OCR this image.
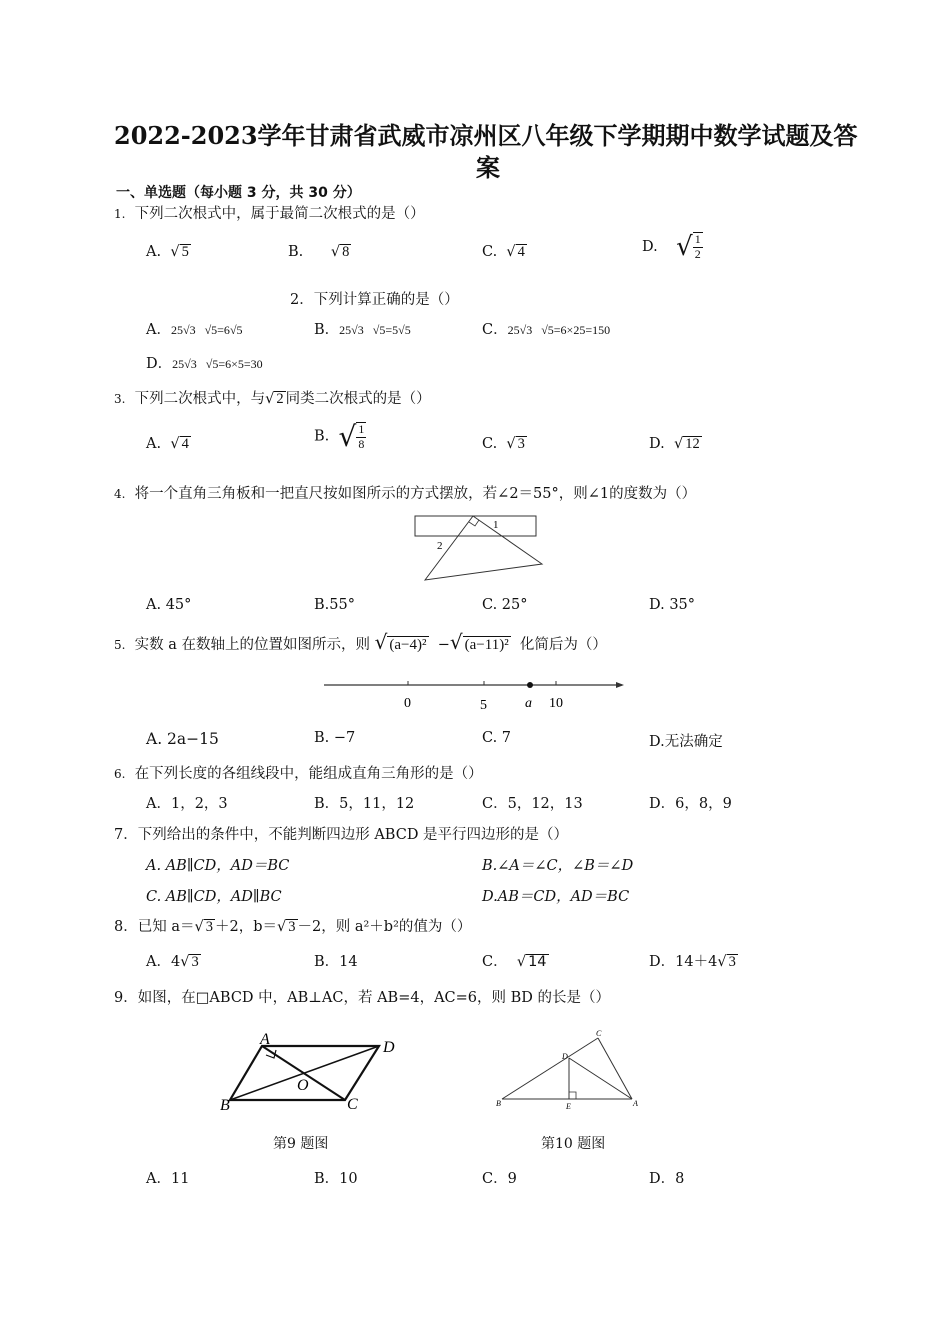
2022-2023学年甘肃省武威市凉州区八年级下学期期中数学试题及答
案
一、单选题（每小题 3 分，共 30 分）
1. 下列二次根式中，属于最简二次根式的是（）
A. √ 5	B. √ 8	C. √ 4	D. √ $\frac{1}{2}$
2．下列计算正确的是（）
A．25√3   √5=6√5	B．25√3   √5=5√5	C．25√3   √5=6×25=150
D．25√3   √5=6×5=30
3. 下列二次根式中，与√ 2 同类二次根式的是（）
A. √ 4	B. √ $\frac{1}{8}$	C. √ 3	D. √ 12
4. 将一个直角三角板和一把直尺按如图所示的方式摆放，若∠2＝55°，则∠1的度数为（）
1
2
A. 45°	B.55°	C. 25°	D. 35°
5. 实数 a 在数轴上的位置如图所示，则 √ (a−4)²  −√ (a−11)² 化简后为（）
0	5	a 10
A. 2a−15	B. −7	C. 7	D.无法确定
6. 在下列长度的各组线段中，能组成直角三角形的是（）
A．1，2，3	B．5，11，12	C．5，12，13	D．6，8，9
7．下列给出的条件中，不能判断四边形 ABCD 是平行四边形的是（）
A. AB∥CD，AD＝BC	B.∠A＝∠C，∠B＝∠D
C. AB∥CD，AD∥BC	D.AB＝CD，AD＝BC
8．已知 a＝√ 3 ＋2，b＝√ 3 －2，则 a²＋b²的值为（）
A．4√ 3	B．14	C． √ 14	D．14＋4√ 3
9．如图，在□ABCD 中，AB⊥AC，若 AB=4，AC=6，则 BD 的长是（）
A	D
B	C
O
C
D
B	E	A
第9 题图	第10 题图
A．11	B．10	C．9	D．8
